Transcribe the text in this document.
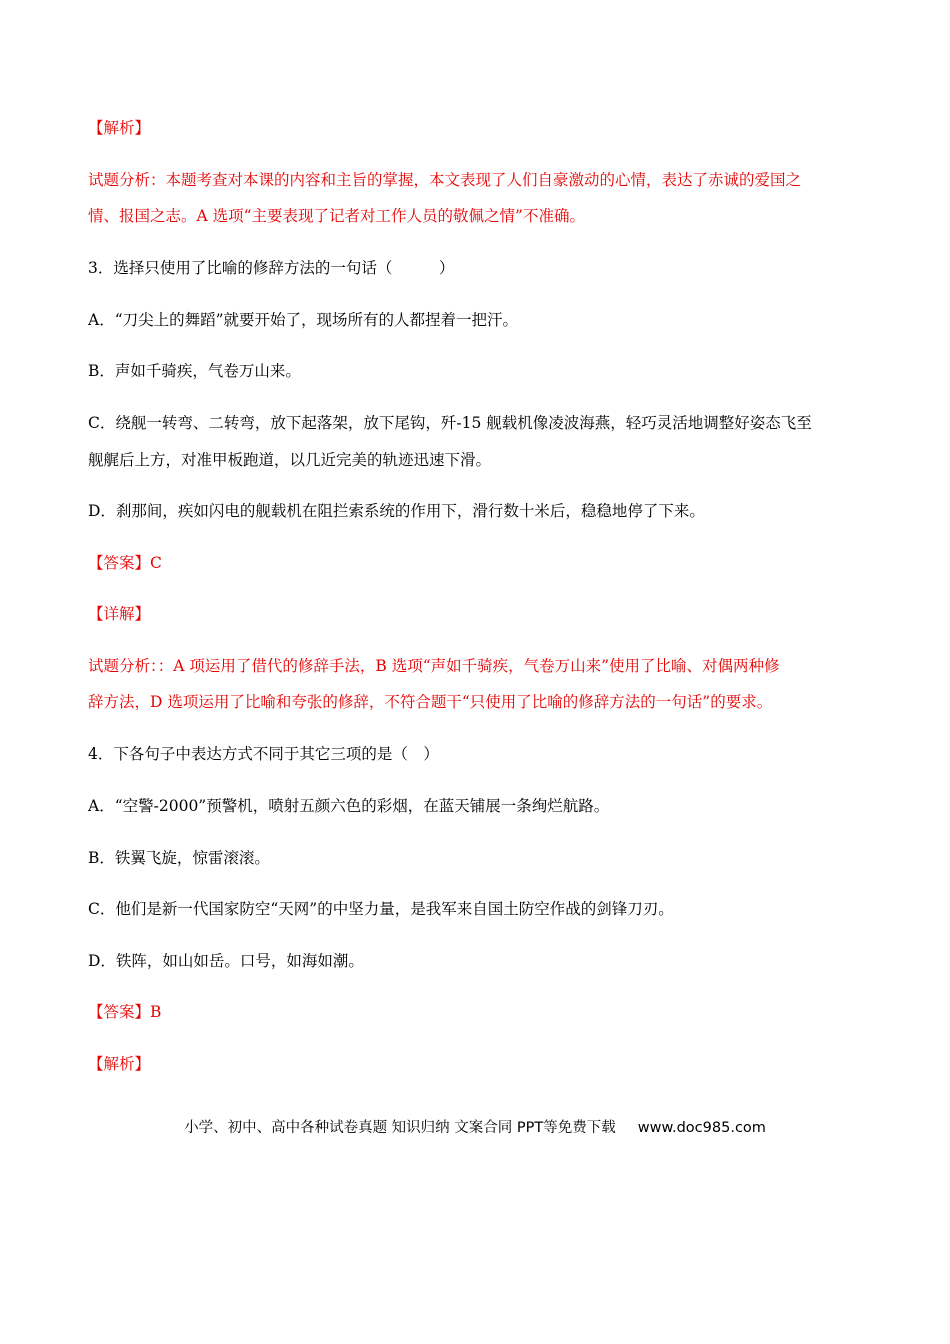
【解析】
试题分析：本题考查对本课的内容和主旨的掌握，本文表现了人们自豪激动的心情，表达了赤诚的爱国之
情、报国之志。A 选项“主要表现了记者对工作人员的敬佩之情”不准确。
3．选择只使用了比喻的修辞方法的一句话（　　　）
A．“刀尖上的舞蹈”就要开始了，现场所有的人都捏着一把汗。
B．声如千骑疾，气卷万山来。
C．绕舰一转弯、二转弯，放下起落架，放下尾钩，歼-15 舰载机像凌波海燕，轻巧灵活地调整好姿态飞至
舰艉后上方，对准甲板跑道，以几近完美的轨迹迅速下滑。
D．刹那间，疾如闪电的舰载机在阻拦索系统的作用下，滑行数十米后，稳稳地停了下来。
【答案】C
【详解】
试题分析：：A 项运用了借代的修辞手法，B 选项“声如千骑疾，气卷万山来”使用了比喻、对偶两种修
辞方法，D 选项运用了比喻和夸张的修辞，不符合题干“只使用了比喻的修辞方法的一句话”的要求。
4．下各句子中表达方式不同于其它三项的是（　）
A．“空警-2000”预警机，喷射五颜六色的彩烟，在蓝天铺展一条绚烂航路。
B．铁翼飞旋，惊雷滚滚。
C．他们是新一代国家防空“天网”的中坚力量，是我军来自国土防空作战的剑锋刀刃。
D．铁阵，如山如岳。口号，如海如潮。
【答案】B
【解析】
小学、初中、高中各种试卷真题 知识归纳 文案合同 PPT等免费下载 www.doc985.com
